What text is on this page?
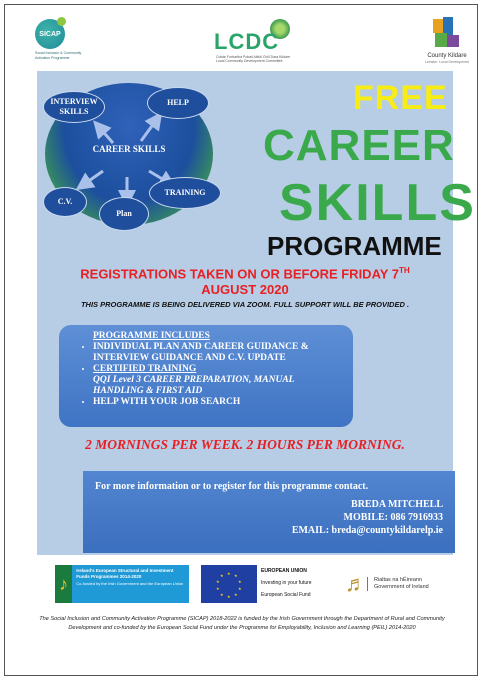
SICAP
Social Inclusion & Community Activation Programme
LCDC
Coiste Forbartha Pobail Aitiúil Chill Dara Kildare Local Community Development Committee
County Kildare
Leinster. Local Development
INTERVIEW SKILLS
HELP
CAREER SKILLS
TRAINING
C.V.
Plan
FREE
CAREER
SKILLS
PROGRAMME
REGISTRATIONS TAKEN ON OR BEFORE FRIDAY 7TH
AUGUST 2020
THIS PROGRAMME IS BEING DELIVERED VIA ZOOM. FULL SUPPORT WILL BE PROVIDED .
PROGRAMME INCLUDES
• INDIVIDUAL PLAN AND CAREER GUIDANCE & INTERVIEW GUIDANCE AND C.V. UPDATE
• CERTIFIED TRAINING
QQI Level 3 CAREER PREPARATION, MANUAL HANDLING & FIRST AID
• HELP WITH YOUR JOB SEARCH
2 MORNINGS PER WEEK. 2 HOURS PER MORNING.
For more information or to register for this programme contact.
BREDA MITCHELL
MOBILE: 086 7916933
EMAIL: breda@countykildarelp.ie
♪
Ireland's European Structural and Investment Funds Programmes 2014-2020
Co-funded by the Irish Government and the European Union
★ ★
★
★
★
★
★
★
★
★
EUROPEAN UNION
Investing in your future
European Social Fund ♬ Rialtas na hÉireann
Government of Ireland
The Social Inclusion and Community Activation Programme (SICAP) 2018-2022 is funded by the Irish Government through the Department of Rural and Community Development and co-funded by the European Social Fund under the Programme for Employability, Inclusion and Learning (PEIL) 2014-2020
